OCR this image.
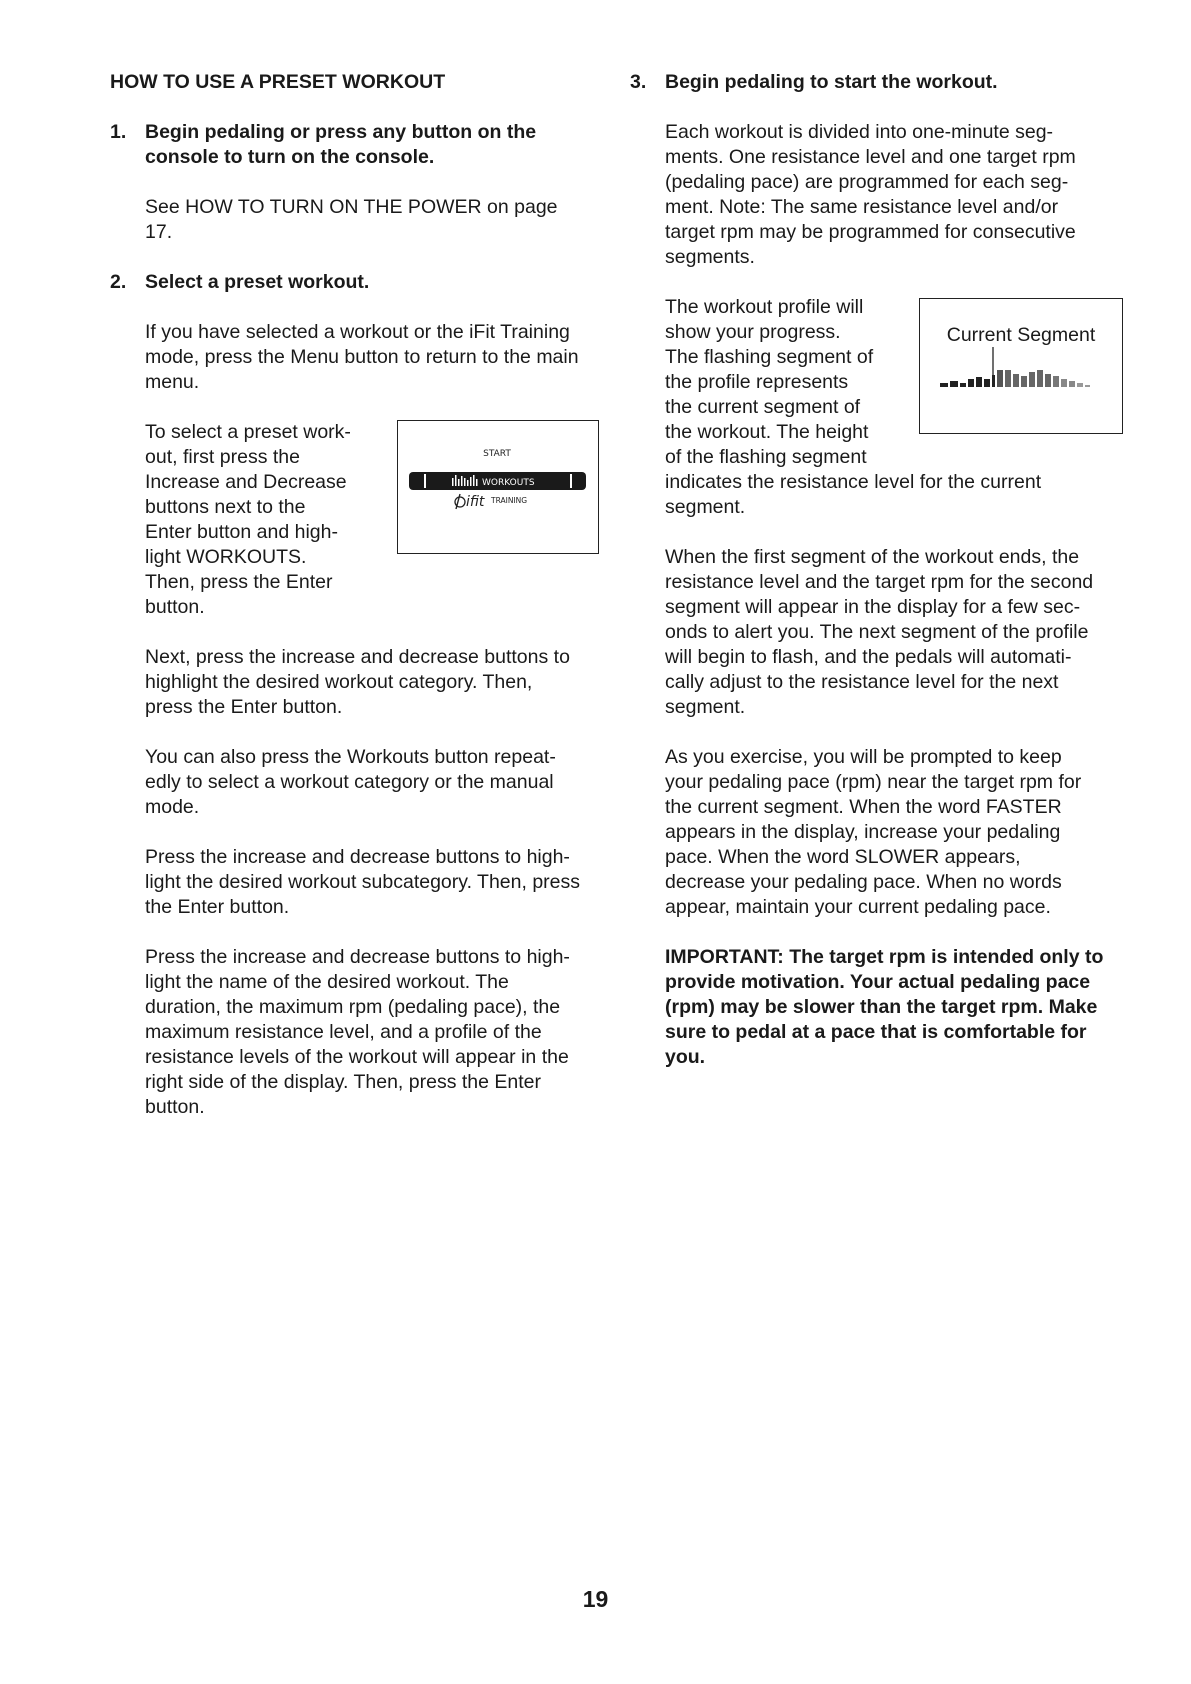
HOW TO USE A PRESET WORKOUT
1. Begin pedaling or press any button on the
console to turn on the console.
See HOW TO TURN ON THE POWER on page
17.
2. Select a preset workout.
If you have selected a workout or the iFit Training
mode, press the Menu button to return to the main
menu.
To select a preset work-
out, first press the
Increase and Decrease
buttons next to the
Enter button and high-
light WORKOUTS.
Then, press the Enter
button.
START
WORKOUTS
ifit TRAINING
Next, press the increase and decrease buttons to
highlight the desired workout category. Then,
press the Enter button.
You can also press the Workouts button repeat-
edly to select a workout category or the manual
mode.
Press the increase and decrease buttons to high-
light the desired workout subcategory. Then, press
the Enter button.
Press the increase and decrease buttons to high-
light the name of the desired workout. The
duration, the maximum rpm (pedaling pace), the
maximum resistance level, and a profile of the
resistance levels of the workout will appear in the
right side of the display. Then, press the Enter
button.
3. Begin pedaling to start the workout.
Each workout is divided into one-minute seg-
ments. One resistance level and one target rpm
(pedaling pace) are programmed for each seg-
ment. Note: The same resistance level and/or
target rpm may be programmed for consecutive
segments.
The workout profile will
show your progress.
The flashing segment of
the profile represents
the current segment of
the workout. The height
of the flashing segment
indicates the resistance level for the current
segment.
Current Segment
When the first segment of the workout ends, the
resistance level and the target rpm for the second
segment will appear in the display for a few sec-
onds to alert you. The next segment of the profile
will begin to flash, and the pedals will automati-
cally adjust to the resistance level for the next
segment.
As you exercise, you will be prompted to keep
your pedaling pace (rpm) near the target rpm for
the current segment. When the word FASTER
appears in the display, increase your pedaling
pace. When the word SLOWER appears,
decrease your pedaling pace. When no words
appear, maintain your current pedaling pace.
IMPORTANT: The target rpm is intended only to
provide motivation. Your actual pedaling pace
(rpm) may be slower than the target rpm. Make
sure to pedal at a pace that is comfortable for
you.
19
